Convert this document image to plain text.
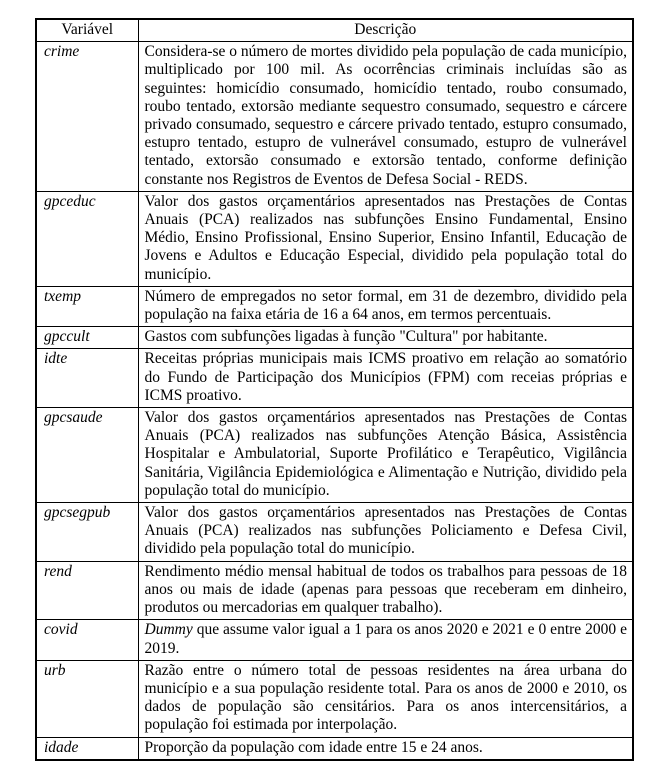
Variável	Descrição
crime	Considera-se o número de mortes dividido pela população de cada município, multiplicado por 100 mil. As ocorrências criminais incluídas são as seguintes: homicídio consumado, homicídio tentado, roubo consumado, roubo tentado, extorsão mediante sequestro consumado, sequestro e cárcere privado consumado, sequestro e cárcere privado tentado, estupro consumado, estupro tentado, estupro de vulnerável consumado, estupro de vulnerável tentado, extorsão consumado e extorsão tentado, conforme definição constante nos Registros de Eventos de Defesa Social - REDS.
gpceduc	Valor dos gastos orçamentários apresentados nas Prestações de Contas Anuais (PCA) realizados nas subfunções Ensino Fundamental, Ensino Médio, Ensino Profissional, Ensino Superior, Ensino Infantil, Educação de Jovens e Adultos e Educação Especial, dividido pela população total do município.
txemp	Número de empregados no setor formal, em 31 de dezembro, dividido pela população na faixa etária de 16 a 64 anos, em termos percentuais.
gpccult	Gastos com subfunções ligadas à função "Cultura" por habitante.
idte	Receitas próprias municipais mais ICMS proativo em relação ao somatório do Fundo de Participação dos Municípios (FPM) com receias próprias e ICMS proativo.
gpcsaude	Valor dos gastos orçamentários apresentados nas Prestações de Contas Anuais (PCA) realizados nas subfunções Atenção Básica, Assistência Hospitalar e Ambulatorial, Suporte Profilático e Terapêutico, Vigilância Sanitária, Vigilância Epidemiológica e Alimentação e Nutrição, dividido pela população total do município.
gpcsegpub	Valor dos gastos orçamentários apresentados nas Prestações de Contas Anuais (PCA) realizados nas subfunções Policiamento e Defesa Civil, dividido pela população total do município.
rend	Rendimento médio mensal habitual de todos os trabalhos para pessoas de 18 anos ou mais de idade (apenas para pessoas que receberam em dinheiro, produtos ou mercadorias em qualquer trabalho).
covid	Dummy que assume valor igual a 1 para os anos 2020 e 2021 e 0 entre 2000 e 2019.
urb	Razão entre o número total de pessoas residentes na área urbana do município e a sua população residente total. Para os anos de 2000 e 2010, os dados de população são censitários. Para os anos intercensitários, a população foi estimada por interpolação.
idade	Proporção da população com idade entre 15 e 24 anos.
